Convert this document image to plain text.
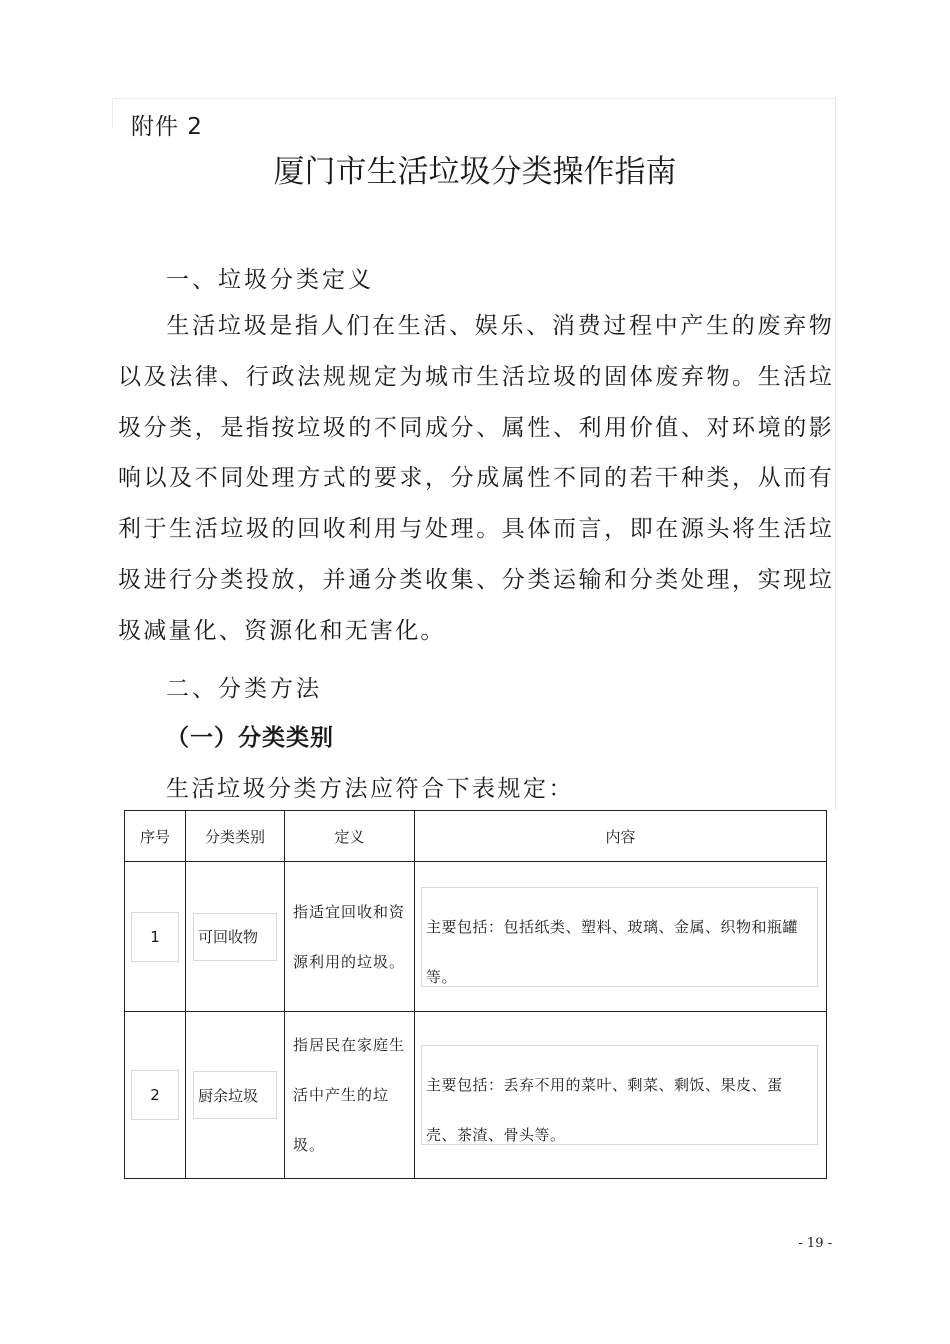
附件 2
厦门市生活垃圾分类操作指南
一、垃圾分类定义
生活垃圾是指人们在生活、娱乐、消费过程中产生的废弃物以及法律、行政法规规定为城市生活垃圾的固体废弃物。生活垃圾分类，是指按垃圾的不同成分、属性、利用价值、对环境的影响以及不同处理方式的要求，分成属性不同的若干种类，从而有利于生活垃圾的回收利用与处理。具体而言，即在源头将生活垃圾进行分类投放，并通分类收集、分类运输和分类处理，实现垃圾减量化、资源化和无害化。
二、分类方法
（一）分类类别
生活垃圾分类方法应符合下表规定：
序号	分类类别	定义	内容

1	可回收物	指适宜回收和资源利用的垃圾。	主要包括：包括纸类、塑料、玻璃、金属、织物和瓶罐等。

2	厨余垃圾	指居民在家庭生活中产生的垃圾。	主要包括：丢弃不用的菜叶、剩菜、剩饭、果皮、蛋壳、茶渣、骨头等。
- 19 -
